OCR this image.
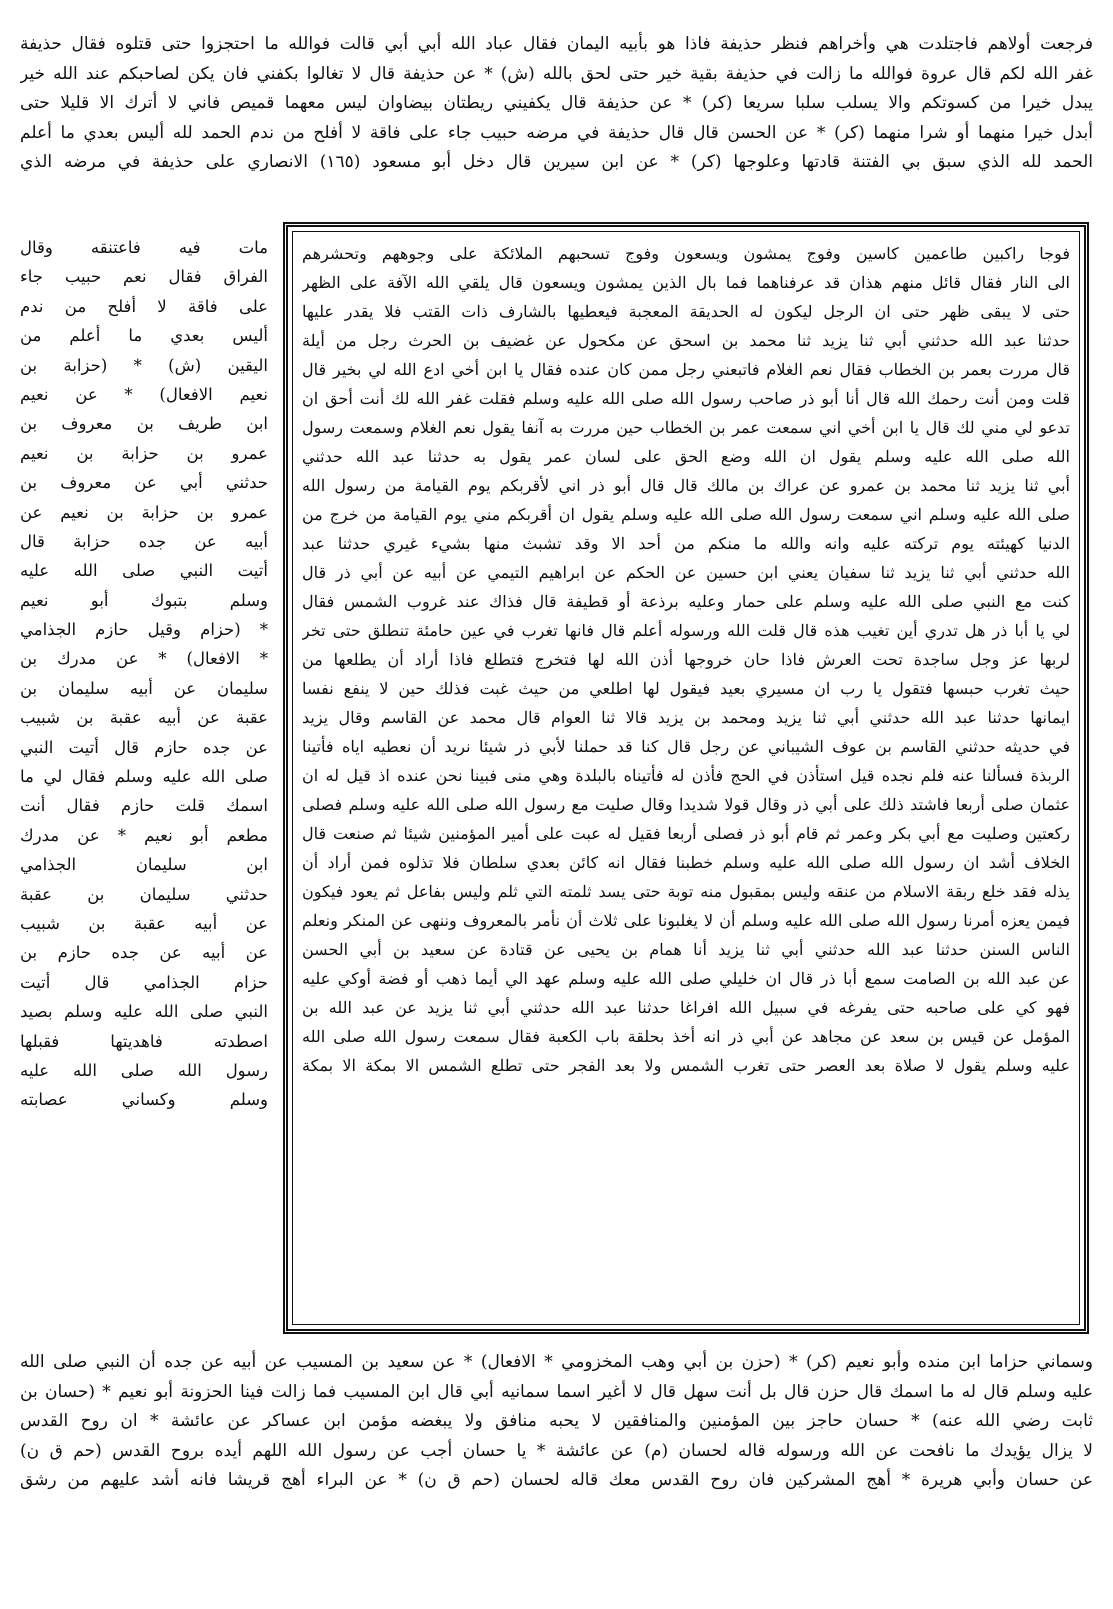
فرجعت أولاهم فاجتلدت هي وأخراهم فنظر حذيفة فاذا هو بأبيه اليمان فقال عباد الله أبي أبي قالت فوالله ما احتجزوا حتى قتلوه فقال حذيفة
غفر الله لكم قال عروة فوالله ما زالت في حذيفة بقية خير حتى لحق بالله (ش) * عن حذيفة قال لا تغالوا بكفني فان يكن لصاحبكم عند الله خير
يبدل خيرا من كسوتكم والا يسلب سلبا سريعا (كر) * عن حذيفة قال يكفيني ريطتان بيضاوان ليس معهما قميص فاني لا أترك الا قليلا حتى
أبدل خيرا منهما أو شرا منهما (كر) * عن الحسن قال قال حذيفة في مرضه حبيب جاء على فاقة لا أفلح من ندم الحمد لله أليس بعدي ما أعلم
الحمد لله الذي سبق بي الفتنة قادتها وعلوجها (كر) * عن ابن سيرين قال دخل أبو مسعود (١٦٥) الانصاري على حذيفة في مرضه الذي
مات فيه فاعتنقه وقال
الفراق فقال نعم حبيب جاء
على فاقة لا أفلح من ندم
أليس بعدي ما أعلم من
اليقين (ش) * (حزابة بن
نعيم الافعال) * عن نعيم
ابن طريف بن معروف بن
عمرو بن حزابة بن نعيم
حدثني أبي عن معروف بن
عمرو بن حزابة بن نعيم عن
أبيه عن جده حزابة قال
أتيت النبي صلى الله عليه
وسلم بتبوك أبو نعيم
* (حزام وقيل حازم الجذامي
* الافعال) * عن مدرك بن
سليمان عن أبيه سليمان بن
عقبة عن أبيه عقبة بن شبيب
عن جده حازم قال أتيت النبي
صلى الله عليه وسلم فقال لي ما
اسمك قلت حازم فقال أنت
مطعم أبو نعيم * عن مدرك
ابن سليمان الجذامي
حدثني سليمان بن عقبة
عن أبيه عقبة بن شبيب
عن أبيه عن جده حازم بن
حزام الجذامي قال أتيت
النبي صلى الله عليه وسلم بصيد
اصطدته فاهديتها فقبلها
رسول الله صلى الله عليه
وسلم وكساني عصابته
فوجا راكبين طاعمين كاسين وفوج يمشون ويسعون وفوج تسحبهم الملائكة على وجوههم وتحشرهم
الى النار فقال قائل منهم هذان قد عرفناهما فما بال الذين يمشون ويسعون قال يلقي الله الآفة على الظهر
حتى لا يبقى ظهر حتى ان الرجل ليكون له الحديقة المعجبة فيعطيها بالشارف ذات القتب فلا يقدر عليها
حدثنا عبد الله حدثني أبي ثنا يزيد ثنا محمد بن اسحق عن مكحول عن غضيف بن الحرث رجل من أيلة
قال مررت بعمر بن الخطاب فقال نعم الغلام فاتبعني رجل ممن كان عنده فقال يا ابن أخي ادع الله لي بخير قال
قلت ومن أنت رحمك الله قال أنا أبو ذر صاحب رسول الله صلى الله عليه وسلم فقلت غفر الله لك أنت أحق ان
تدعو لي مني لك قال يا ابن أخي اني سمعت عمر بن الخطاب حين مررت به آنفا يقول نعم الغلام وسمعت رسول
الله صلى الله عليه وسلم يقول ان الله وضع الحق على لسان عمر يقول به حدثنا عبد الله حدثني
أبي ثنا يزيد ثنا محمد بن عمرو عن عراك بن مالك قال قال أبو ذر اني لأقربكم يوم القيامة من رسول الله
صلى الله عليه وسلم اني سمعت رسول الله صلى الله عليه وسلم يقول ان أقربكم مني يوم القيامة من خرج من
الدنيا كهيئته يوم تركته عليه وانه والله ما منكم من أحد الا وقد تشبث منها بشيء غيري حدثنا عبد
الله حدثني أبي ثنا يزيد ثنا سفيان يعني ابن حسين عن الحكم عن ابراهيم التيمي عن أبيه عن أبي ذر قال
كنت مع النبي صلى الله عليه وسلم على حمار وعليه برذعة أو قطيفة قال فذاك عند غروب الشمس فقال
لي يا أبا ذر هل تدري أين تغيب هذه قال قلت الله ورسوله أعلم قال فانها تغرب في عين حامئة تنطلق حتى تخر
لربها عز وجل ساجدة تحت العرش فاذا حان خروجها أذن الله لها فتخرج فتطلع فاذا أراد أن يطلعها من
حيث تغرب حبسها فتقول يا رب ان مسيري بعيد فيقول لها اطلعي من حيث غبت فذلك حين لا ينفع نفسا
ايمانها حدثنا عبد الله حدثني أبي ثنا يزيد ومحمد بن يزيد قالا ثنا العوام قال محمد عن القاسم وقال يزيد
في حديثه حدثني القاسم بن عوف الشيباني عن رجل قال كنا قد حملنا لأبي ذر شيئا نريد أن نعطيه اياه فأتينا
الربذة فسألنا عنه فلم نجده قيل استأذن في الحج فأذن له فأتيناه بالبلدة وهي منى فبينا نحن عنده اذ قيل له ان
عثمان صلى أربعا فاشتد ذلك على أبي ذر وقال قولا شديدا وقال صليت مع رسول الله صلى الله عليه وسلم فصلى
ركعتين وصليت مع أبي بكر وعمر ثم قام أبو ذر فصلى أربعا فقيل له عبت على أمير المؤمنين شيئا ثم صنعت قال
الخلاف أشد ان رسول الله صلى الله عليه وسلم خطبنا فقال انه كائن بعدي سلطان فلا تذلوه فمن أراد أن
يذله فقد خلع ربقة الاسلام من عنقه وليس بمقبول منه توبة حتى يسد ثلمته التي ثلم وليس بفاعل ثم يعود فيكون
فيمن يعزه أمرنا رسول الله صلى الله عليه وسلم أن لا يغلبونا على ثلاث أن نأمر بالمعروف وننهى عن المنكر ونعلم
الناس السنن حدثنا عبد الله حدثني أبي ثنا يزيد أنا همام بن يحيى عن قتادة عن سعيد بن أبي الحسن
عن عبد الله بن الصامت سمع أبا ذر قال ان خليلي صلى الله عليه وسلم عهد الي أيما ذهب أو فضة أوكي عليه
فهو كي على صاحبه حتى يفرغه في سبيل الله افراغا حدثنا عبد الله حدثني أبي ثنا يزيد عن عبد الله بن
المؤمل عن قيس بن سعد عن مجاهد عن أبي ذر انه أخذ بحلقة باب الكعبة فقال سمعت رسول الله صلى الله
عليه وسلم يقول لا صلاة بعد العصر حتى تغرب الشمس ولا بعد الفجر حتى تطلع الشمس الا بمكة الا بمكة
وسماني حزاما ابن منده وأبو نعيم (كر) * (حزن بن أبي وهب المخزومي * الافعال) * عن سعيد بن المسيب عن أبيه عن جده أن النبي صلى الله
عليه وسلم قال له ما اسمك قال حزن قال بل أنت سهل قال لا أغير اسما سمانيه أبي قال ابن المسيب فما زالت فينا الحزونة أبو نعيم * (حسان بن
ثابت رضي الله عنه) * حسان حاجز بين المؤمنين والمنافقين لا يحبه منافق ولا يبغضه مؤمن ابن عساكر عن عائشة * ان روح القدس
لا يزال يؤيدك ما نافحت عن الله ورسوله قاله لحسان (م) عن عائشة * يا حسان أجب عن رسول الله اللهم أيده بروح القدس (حم ق ن)
عن حسان وأبي هريرة * أهج المشركين فان روح القدس معك قاله لحسان (حم ق ن) * عن البراء أهج قريشا فانه أشد عليهم من رشق
